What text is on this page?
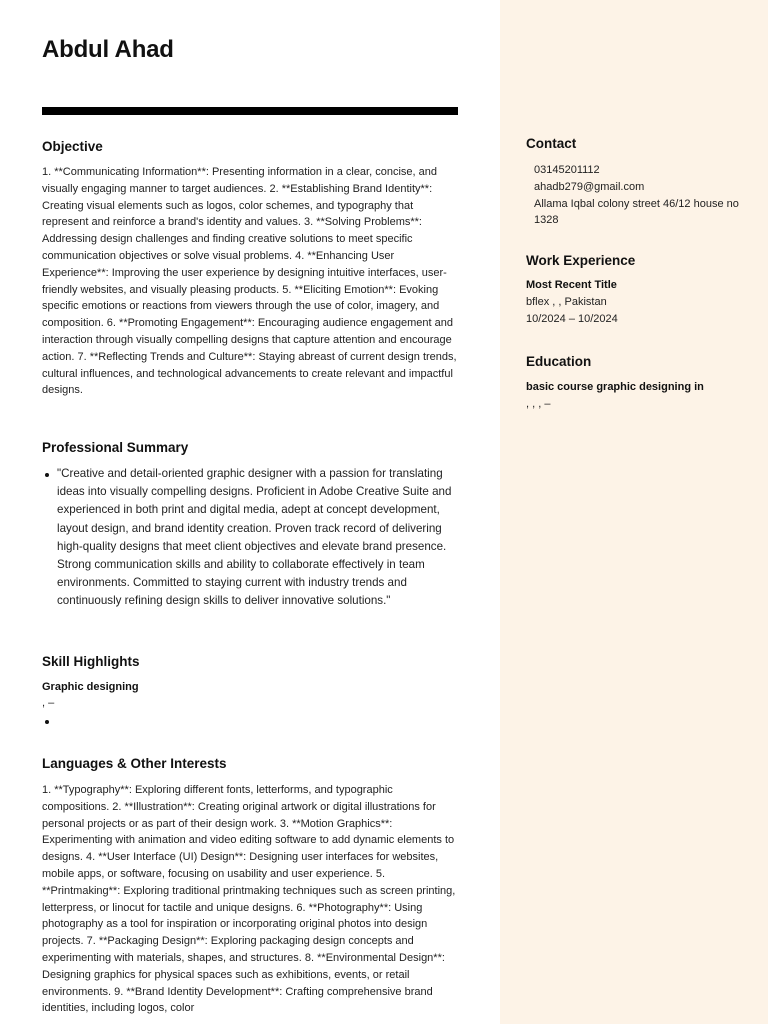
Contact

03145201112

ahadb279@gmail.com

Allama Iqbal colony street 46/12 house no 1328

Work Experience

Most Recent Title

bflex , , Pakistan

10/2024 – 10/2024

Education

basic course graphic designing in

, , , –

Abdul Ahad
Objective

1. **Communicating Information**: Presenting information in a clear, concise, and visually engaging manner to target audiences. 2. **Establishing Brand Identity**: Creating visual elements such as logos, color schemes, and typography that represent and reinforce a brand's identity and values. 3. **Solving Problems**: Addressing design challenges and finding creative solutions to meet specific communication objectives or solve visual problems. 4. **Enhancing User Experience**: Improving the user experience by designing intuitive interfaces, user-friendly websites, and visually pleasing products. 5. **Eliciting Emotion**: Evoking specific emotions or reactions from viewers through the use of color, imagery, and composition. 6. **Promoting Engagement**: Encouraging audience engagement and interaction through visually compelling designs that capture attention and encourage action. 7. **Reflecting Trends and Culture**: Staying abreast of current design trends, cultural influences, and technological advancements to create relevant and impactful designs.

Professional Summary
"Creative and detail-oriented graphic designer with a passion for translating ideas into visually compelling designs. Proficient in Adobe Creative Suite and experienced in both print and digital media, adept at concept development, layout design, and brand identity creation. Proven track record of delivering high-quality designs that meet client objectives and elevate brand presence. Strong communication skills and ability to collaborate effectively in team environments. Committed to staying current with industry trends and continuously refining design skills to deliver innovative solutions."
Skill Highlights

Graphic designing

, –

Languages & Other Interests

1. **Typography**: Exploring different fonts, letterforms, and typographic compositions. 2. **Illustration**: Creating original artwork or digital illustrations for personal projects or as part of their design work. 3. **Motion Graphics**: Experimenting with animation and video editing software to add dynamic elements to designs. 4. **User Interface (UI) Design**: Designing user interfaces for websites, mobile apps, or software, focusing on usability and user experience. 5. **Printmaking**: Exploring traditional printmaking techniques such as screen printing, letterpress, or linocut for tactile and unique designs. 6. **Photography**: Using photography as a tool for inspiration or incorporating original photos into design projects. 7. **Packaging Design**: Exploring packaging design concepts and experimenting with materials, shapes, and structures. 8. **Environmental Design**: Designing graphics for physical spaces such as exhibitions, events, or retail environments. 9. **Brand Identity Development**: Crafting comprehensive brand identities, including logos, color
